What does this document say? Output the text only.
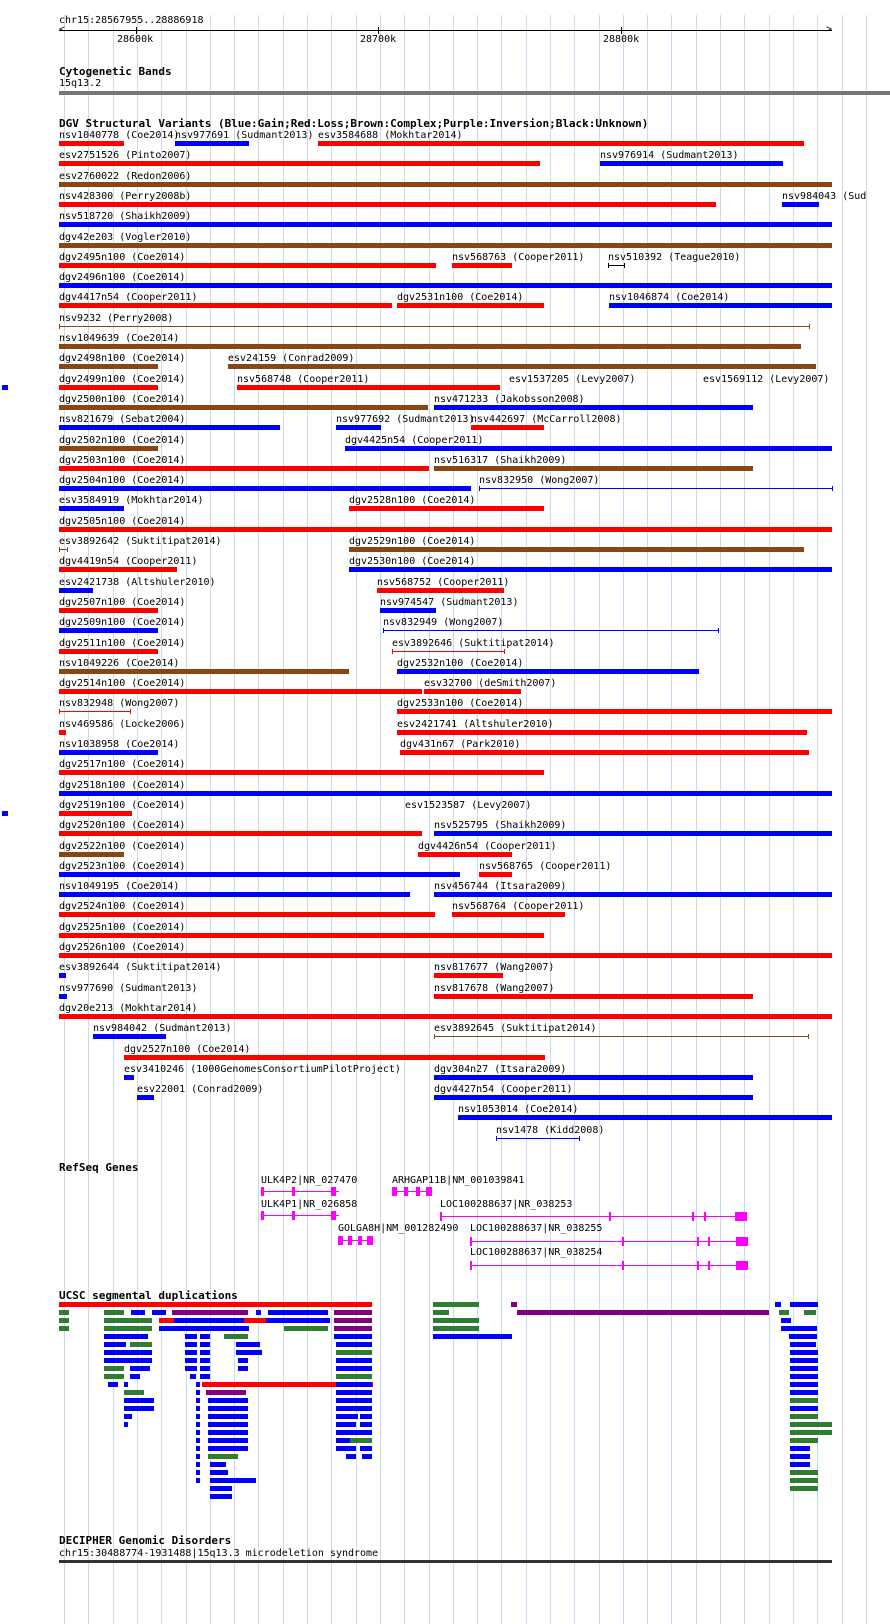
chr15:28567955..28886918
<	>
28600k	28700k	28800k
Cytogenetic Bands
15q13.2
DGV Structural Variants (Blue:Gain;Red:Loss;Brown:Complex;Purple:Inversion;Black:Unknown)
nsv1040778 (Coe2014)
nsv977691 (Sudmant2013) esv3584688 (Mokhtar2014)
esv2751526 (Pinto2007)	nsv976914 (Sudmant2013)
esv2760022 (Redon2006)
nsv428300 (Perry2008b)	nsv984043 (Sud
nsv518720 (Shaikh2009)
dgv42e203 (Vogler2010)
dgv2495n100 (Coe2014)	nsv568763 (Cooper2011) nsv510392 (Teague2010)
dgv2496n100 (Coe2014)
dgv4417n54 (Cooper2011)	dgv2531n100 (Coe2014)	nsv1046874 (Coe2014)
nsv9232 (Perry2008)
nsv1049639 (Coe2014)
dgv2498n100 (Coe2014)	esv24159 (Conrad2009)
dgv2499n100 (Coe2014)	nsv568748 (Cooper2011)	esv1537205 (Levy2007)	esv1569112 (Levy2007)
dgv2500n100 (Coe2014)	nsv471233 (Jakobsson2008)
nsv821679 (Sebat2004)	nsv977692 (Sudmant2013)
nsv442697 (McCarroll2008)
dgv2502n100 (Coe2014)	dgv4425n54 (Cooper2011)
dgv2503n100 (Coe2014)	nsv516317 (Shaikh2009)
dgv2504n100 (Coe2014)	nsv832950 (Wong2007)
esv3584919 (Mokhtar2014)	dgv2528n100 (Coe2014)
dgv2505n100 (Coe2014)
esv3892642 (Suktitipat2014)	dgv2529n100 (Coe2014)
dgv4419n54 (Cooper2011)	dgv2530n100 (Coe2014)
esv2421738 (Altshuler2010)	nsv568752 (Cooper2011)
dgv2507n100 (Coe2014)	nsv974547 (Sudmant2013)
dgv2509n100 (Coe2014)	nsv832949 (Wong2007)
dgv2511n100 (Coe2014)	esv3892646 (Suktitipat2014)
nsv1049226 (Coe2014)	dgv2532n100 (Coe2014)
dgv2514n100 (Coe2014)	esv32700 (deSmith2007)
nsv832948 (Wong2007)	dgv2533n100 (Coe2014)
nsv469586 (Locke2006)	esv2421741 (Altshuler2010)
nsv1038958 (Coe2014)	dgv431n67 (Park2010)
dgv2517n100 (Coe2014)
dgv2518n100 (Coe2014)
dgv2519n100 (Coe2014)	esv1523587 (Levy2007)
dgv2520n100 (Coe2014)	nsv525795 (Shaikh2009)
dgv2522n100 (Coe2014)	dgv4426n54 (Cooper2011)
dgv2523n100 (Coe2014)	nsv568765 (Cooper2011)
nsv1049195 (Coe2014)	nsv456744 (Itsara2009)
dgv2524n100 (Coe2014)	nsv568764 (Cooper2011)
dgv2525n100 (Coe2014)
dgv2526n100 (Coe2014)
esv3892644 (Suktitipat2014)	nsv817677 (Wang2007)
nsv977690 (Sudmant2013)	nsv817678 (Wang2007)
dgv20e213 (Mokhtar2014)
nsv984042 (Sudmant2013)	esv3892645 (Suktitipat2014)
dgv2527n100 (Coe2014)
esv3410246 (1000GenomesConsortiumPilotProject)	dgv304n27 (Itsara2009)
esv22001 (Conrad2009)	dgv4427n54 (Cooper2011)
nsv1053014 (Coe2014)
nsv1478 (Kidd2008)
RefSeq Genes
ULK4P2|NR_027470	ARHGAP11B|NM_001039841
ULK4P1|NR_026858	LOC100288637|NR_038253
GOLGA8H|NM_001282490 LOC100288637|NR_038255
LOC100288637|NR_038254
UCSC segmental duplications
DECIPHER Genomic Disorders
chr15:30488774-1931488|15q13.3 microdeletion syndrome
